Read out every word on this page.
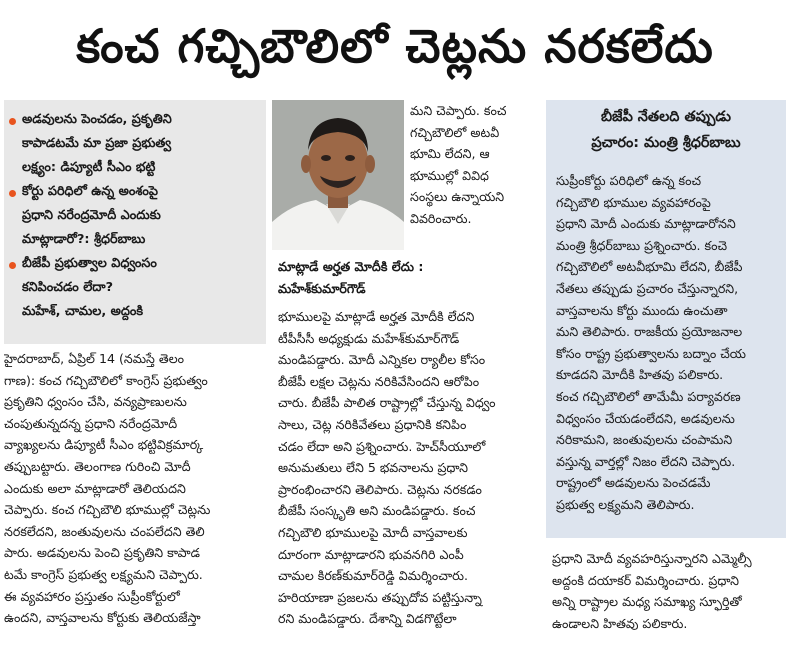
కంచ గచ్చిబౌలిలో చెట్లను నరకలేదు
అడవులను పెంచడం, ప్రకృతిని
కాపాడటమే మా ప్రజా ప్రభుత్వ
లక్ష్యం: డిప్యూటీ సీఎం భట్టి
కోర్టు పరిధిలో ఉన్న అంశంపై
ప్రధాని నరేంద్రమోదీ ఎందుకు
మాట్లాడారో?: శ్రీధర్‌బాబు
బీజేపీ ప్రభుత్వాల విధ్వంసం
కనిపించడం లేదా?
మహేశ్, చామల, అద్దంకి
హైదరాబాద్, ఏప్రిల్ 14 (నమస్తే తెలం
గాణ): కంచ గచ్చిబౌలిలో కాంగ్రెస్ ప్రభుత్వం
ప్రకృతిని ధ్వంసం చేసి, వన్యప్రాణులను
చంపుతున్నదన్న ప్రధాని నరేంద్రమోదీ
వ్యాఖ్యలను డిప్యూటీ సీఎం భట్టివిక్రమార్క
తప్పుబట్టారు. తెలంగాణ గురించి మోదీ
ఎందుకు అలా మాట్లాడారో తెలియదని
చెప్పారు. కంచ గచ్చిబౌలి భూముల్లో చెట్లను
నరకలేదని, జంతువులను చంపలేదని తెలి
పారు. అడవులను పెంచి ప్రకృతిని కాపాడ
టమే కాంగ్రెస్ ప్రభుత్వ లక్ష్యమని చెప్పారు.
ఈ వ్యవహారం ప్రస్తుతం సుప్రీంకోర్టులో
ఉందని, వాస్తవాలను కోర్టుకు తెలియజేస్తా
మని చెప్పారు. కంచ
గచ్చిబౌలిలో అటవీ
భూమి లేదని, ఆ
భూముల్లో వివిధ
సంస్థలు ఉన్నాయని
వివరించారు.
మాట్లాడే అర్హత మోదీకి లేదు :
మహేశ్‌కుమార్‌గౌడ్
భూములపై మాట్లాడే అర్హత మోదీకి లేదని
టీపీసీసీ అధ్యక్షుడు మహేశ్‌కుమార్‌గౌడ్
మండిపడ్డారు. మోదీ ఎన్నికల ర్యాలీల కోసం
బీజేపీ లక్షల చెట్లను నరికివేసిందని ఆరోపిం
చారు. బీజేపీ పాలిత రాష్ట్రాల్లో చేస్తున్న విధ్వం
సాలు, చెట్ల నరికివేతలు ప్రధానికి కనిపిం
చడం లేదా అని ప్రశ్నించారు. హెచ్‌సీయూలో
అనుమతులు లేని 5 భవనాలను ప్రధాని
ప్రారంభించారని తెలిపారు. చెట్లను నరకడం
బీజేపీ సంస్కృతి అని మండిపడ్డారు. కంచ
గచ్చిబౌలి భూములపై మోదీ వాస్తవాలకు
దూరంగా మాట్లాడారని భువనగిరి ఎంపీ
చామల కిరణ్‌కుమార్‌రెడ్డి విమర్శించారు.
హరియాణా ప్రజలను తప్పుదోవ పట్టిస్తున్నా
రని మండిపడ్డారు. దేశాన్ని విడగొట్టేలా
బీజేపీ నేతలది తప్పుడు
ప్రచారం: మంత్రి శ్రీధర్‌బాబు
సుప్రీంకోర్టు పరిధిలో ఉన్న కంచ
గచ్చిబౌలి భూముల వ్యవహారంపై
ప్రధాని మోదీ ఎందుకు మాట్లాడారోనని
మంత్రి శ్రీధర్‌బాబు ప్రశ్నించారు. కంచె
గచ్చిబౌలిలో అటవీభూమి లేదని, బీజేపీ
నేతలు తప్పుడు ప్రచారం చేస్తున్నారని,
వాస్తవాలను కోర్టు ముందు ఉంచుతా
మని తెలిపారు. రాజకీయ ప్రయోజనాల
కోసం రాష్ట్ర ప్రభుత్వాలను బద్నాం చేయ
కూడదని మోదీకి హితవు పలికారు.
కంచ గచ్చిబౌలిలో తామేమీ పర్యావరణ
విధ్వంసం చేయడంలేదని, అడవులను
నరికామని, జంతువులను చంపామని
వస్తున్న వార్తల్లో నిజం లేదని చెప్పారు.
రాష్ట్రంలో అడవులను పెంచడమే
ప్రభుత్వ లక్ష్యమని తెలిపారు.
ప్రధాని మోదీ వ్యవహరిస్తున్నారని ఎమ్మెల్సీ
అద్దంకి దయాకర్ విమర్శించారు. ప్రధాని
అన్ని రాష్ట్రాల మధ్య సమాఖ్య స్ఫూర్తితో
ఉండాలని హితవు పలికారు.
